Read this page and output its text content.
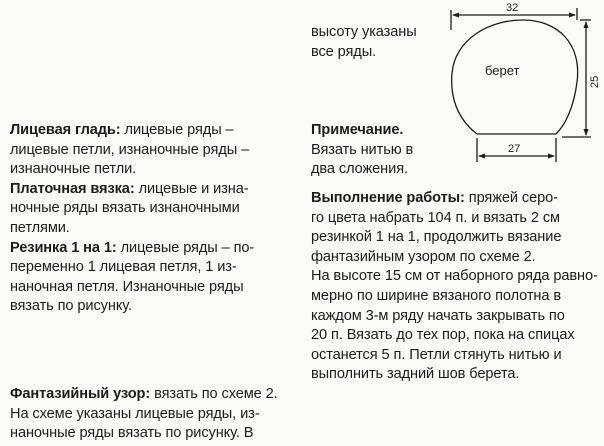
Лицевая гладь: лицевые ряды –
лицевые петли, изнаночные ряды –
изнаночные петли.
Платочная вязка: лицевые и изна-
ночные ряды вязать изнаночными
петлями.
Резинка 1 на 1: лицевые ряды – по-
переменно 1 лицевая петля, 1 из-
наночная петля. Изнаночные ряды
вязать по рисунку.
Фантазийный узор: вязать по схеме 2.
На схеме указаны лицевые ряды, из-
наночные ряды вязать по рисунку. В
высоту указаны
все ряды.
Примечание.
Вязать нитью в
два сложения.
Выполнение работы: пряжей серо-
го цвета набрать 104 п. и вязать 2 см
резинкой 1 на 1, продолжить вязание
фантазийным узором по схеме 2.
На высоте 15 см от наборного ряда равно-
мерно по ширине вязаного полотна в
каждом 3-м ряду начать закрывать по
20 п. Вязать до тех пор, пока на спицах
останется 5 п. Петли стянуть нитью и
выполнить задний шов берета.
32
берет
25
27
